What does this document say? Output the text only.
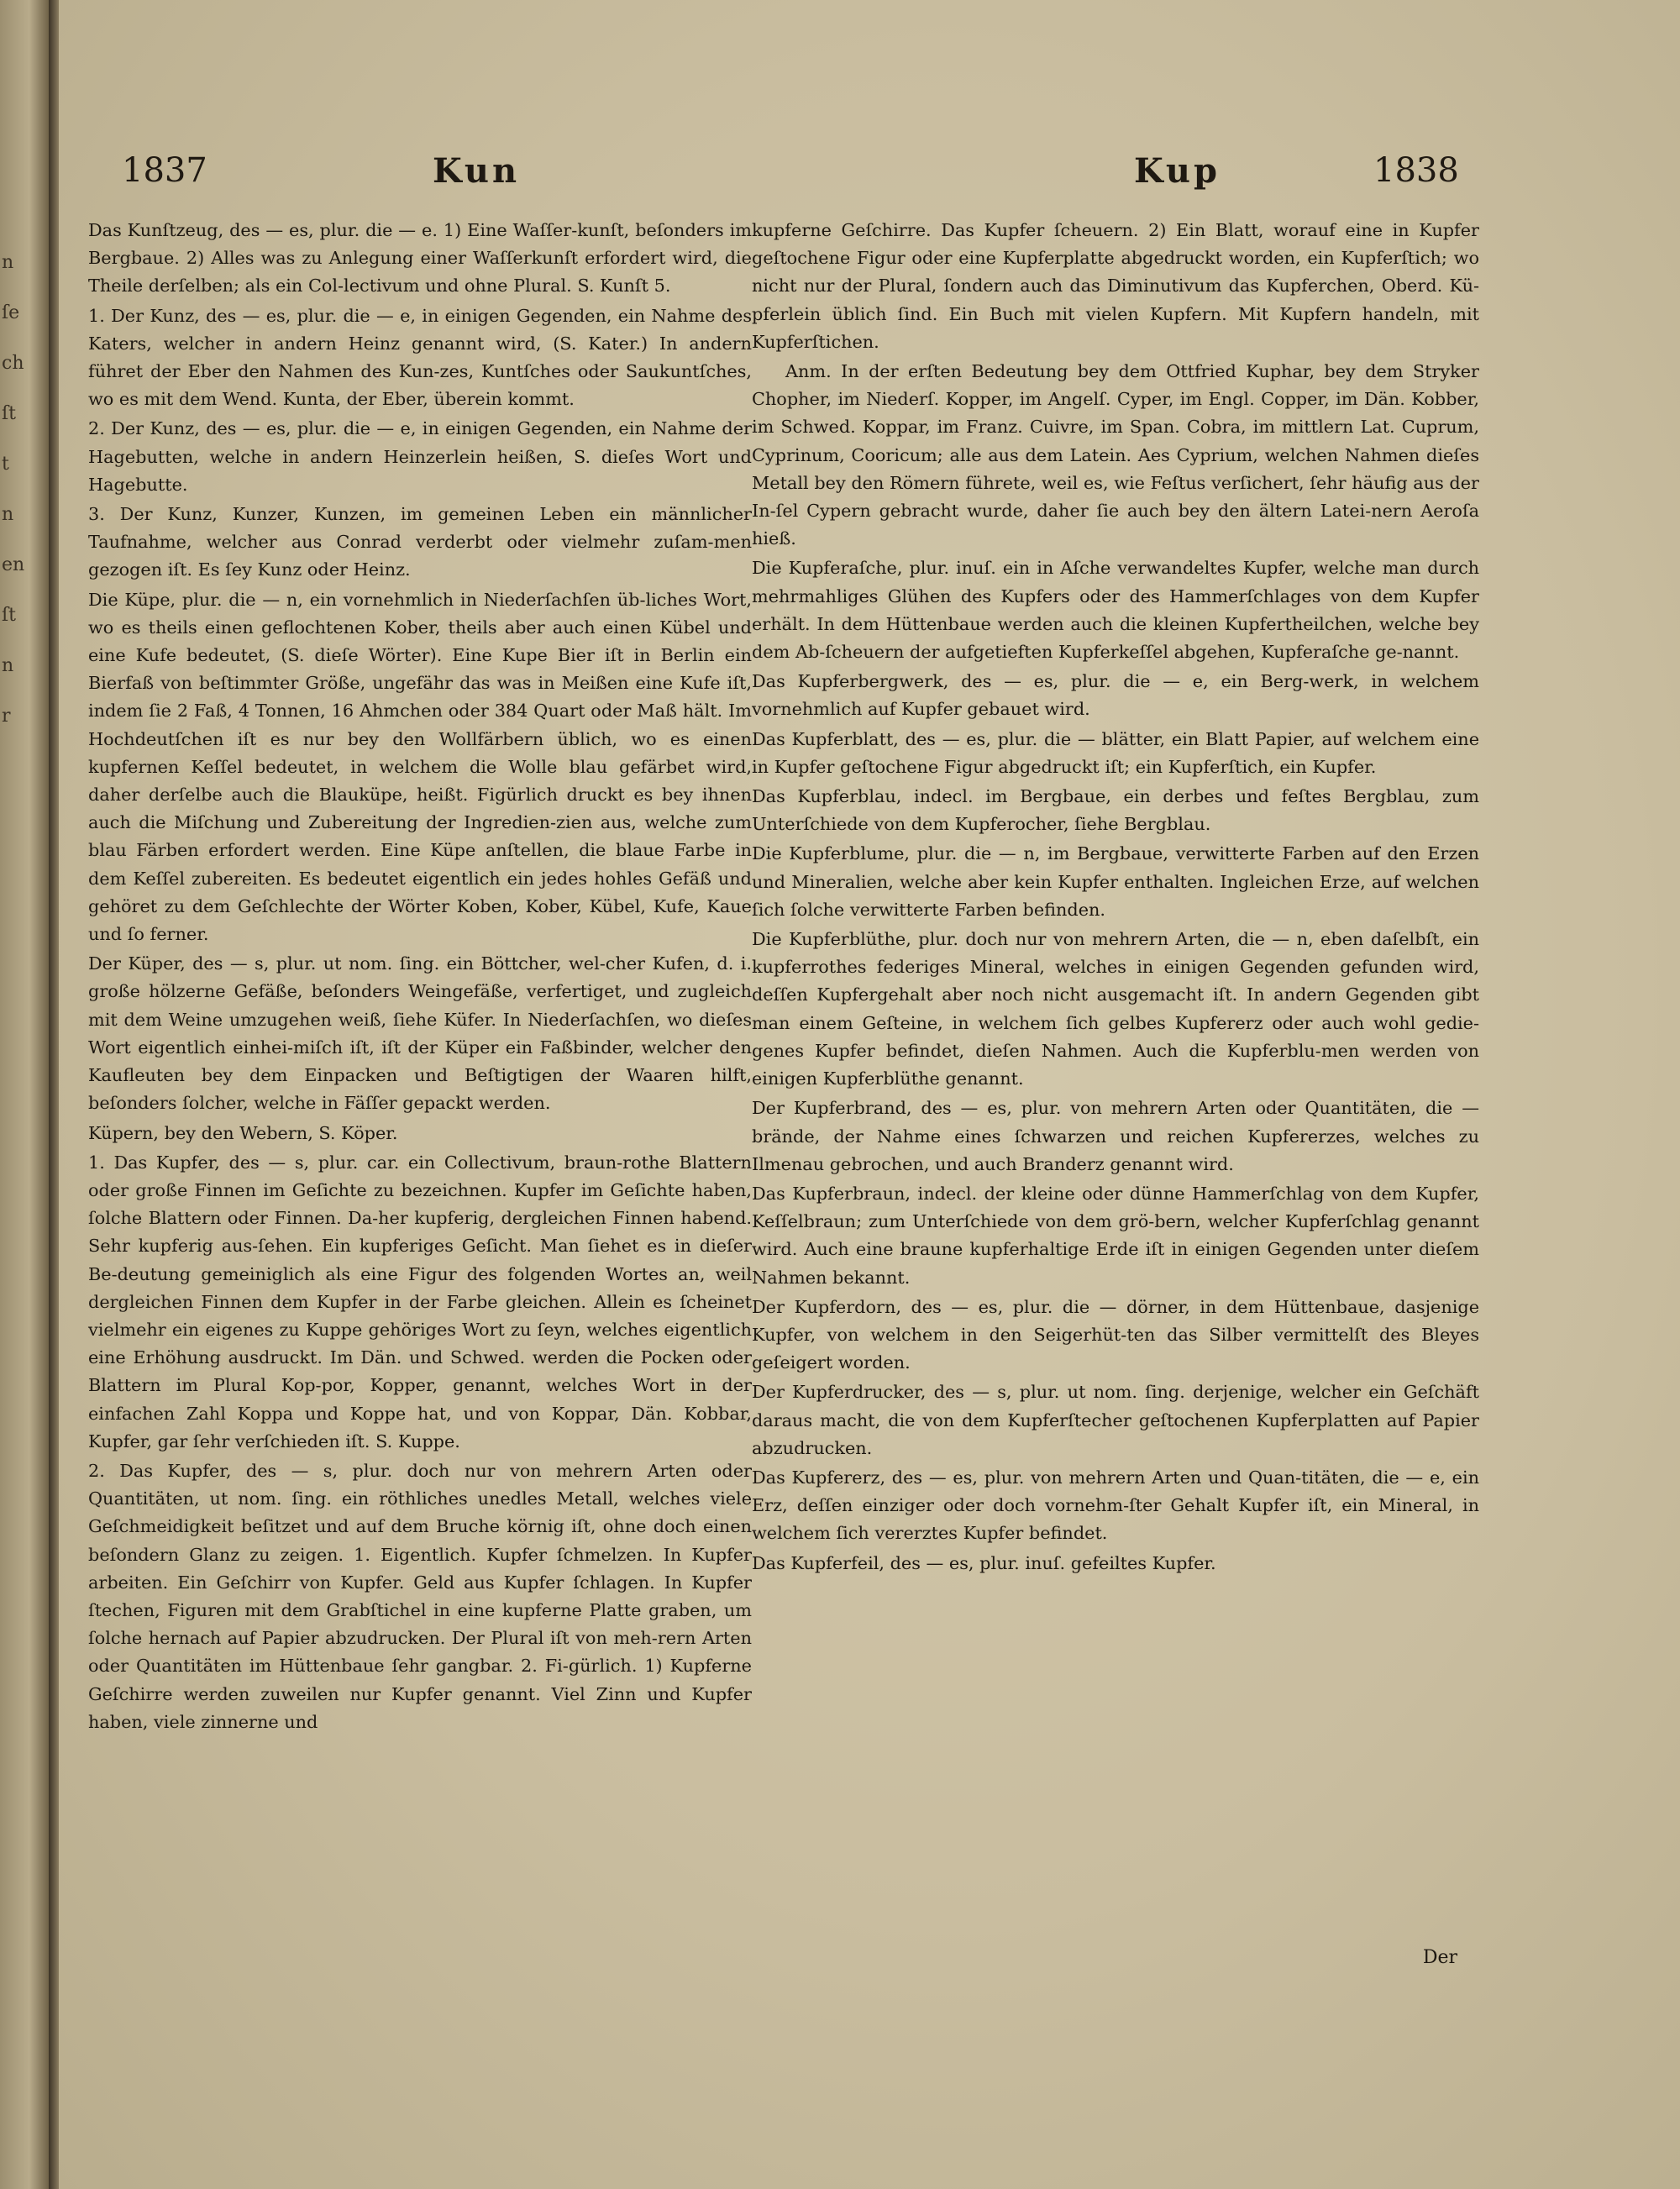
n
ſe
ch
ſt
t
n
en
ſt
n
r
1837	Kun	Kup	1838

Das Kunſtzeug, des — es, plur. die — e. 1) Eine Waſſer-kunſt, beſonders im Bergbaue. 2) Alles was zu Anlegung einer Waſſerkunſt erfordert wird, die Theile derſelben; als ein Col-lectivum und ohne Plural. S. Kunſt 5.

1. Der Kunz, des — es, plur. die — e, in einigen Gegenden, ein Nahme des Katers, welcher in andern Heinz genannt wird, (S. Kater.) In andern führet der Eber den Nahmen des Kun-zes, Kuntſches oder Saukuntſches, wo es mit dem Wend. Kunta, der Eber, überein kommt.

2. Der Kunz, des — es, plur. die — e, in einigen Gegenden, ein Nahme der Hagebutten, welche in andern Heinzerlein heißen, S. dieſes Wort und Hagebutte.

3. Der Kunz, Kunzer, Kunzen, im gemeinen Leben ein männlicher Taufnahme, welcher aus Conrad verderbt oder vielmehr zuſam-men gezogen iſt. Es ſey Kunz oder Heinz.

Die Küpe, plur. die — n, ein vornehmlich in Niederſachſen üb-liches Wort, wo es theils einen geflochtenen Kober, theils aber auch einen Kübel und eine Kufe bedeutet, (S. dieſe Wörter). Eine Kupe Bier iſt in Berlin ein Bierfaß von beſtimmter Größe, ungefähr das was in Meißen eine Kufe iſt, indem ſie 2 Faß, 4 Tonnen, 16 Ahmchen oder 384 Quart oder Maß hält. Im Hochdeutſchen iſt es nur bey den Wollfärbern üblich, wo es einen kupfernen Keſſel bedeutet, in welchem die Wolle blau gefärbet wird, daher derſelbe auch die Blauküpe, heißt. Figürlich druckt es bey ihnen auch die Miſchung und Zubereitung der Ingredien-zien aus, welche zum blau Färben erfordert werden. Eine Küpe anſtellen, die blaue Farbe in dem Keſſel zubereiten. Es bedeutet eigentlich ein jedes hohles Gefäß und gehöret zu dem Geſchlechte der Wörter Koben, Kober, Kübel, Kufe, Kaue und ſo ferner.

Der Küper, des — s, plur. ut nom. ſing. ein Böttcher, wel-cher Kufen, d. i. große hölzerne Gefäße, beſonders Weingefäße, verfertiget, und zugleich mit dem Weine umzugehen weiß, ſiehe Küfer. In Niederſachſen, wo dieſes Wort eigentlich einhei-miſch iſt, iſt der Küper ein Faßbinder, welcher den Kaufleuten bey dem Einpacken und Beſtigtigen der Waaren hilft, beſonders ſolcher, welche in Fäſſer gepackt werden.

Küpern, bey den Webern, S. Köper.

1. Das Kupfer, des — s, plur. car. ein Collectivum, braun-rothe Blattern oder große Finnen im Geſichte zu bezeichnen. Kupfer im Geſichte haben, ſolche Blattern oder Finnen. Da-her kupferig, dergleichen Finnen habend. Sehr kupferig aus-ſehen. Ein kupferiges Geſicht. Man ſiehet es in dieſer Be-deutung gemeiniglich als eine Figur des folgenden Wortes an, weil dergleichen Finnen dem Kupfer in der Farbe gleichen. Allein es ſcheinet vielmehr ein eigenes zu Kuppe gehöriges Wort zu ſeyn, welches eigentlich eine Erhöhung ausdruckt. Im Dän. und Schwed. werden die Pocken oder Blattern im Plural Kop-por, Kopper, genannt, welches Wort in der einfachen Zahl Koppa und Koppe hat, und von Koppar, Dän. Kobbar, Kupfer, gar ſehr verſchieden iſt. S. Kuppe.

2. Das Kupfer, des — s, plur. doch nur von mehrern Arten oder Quantitäten, ut nom. ſing. ein röthliches unedles Metall, welches viele Geſchmeidigkeit beſitzet und auf dem Bruche körnig iſt, ohne doch einen beſondern Glanz zu zeigen. 1. Eigentlich. Kupfer ſchmelzen. In Kupfer arbeiten. Ein Geſchirr von Kupfer. Geld aus Kupfer ſchlagen. In Kupfer ſtechen, Figuren mit dem Grabſtichel in eine kupferne Platte graben, um ſolche hernach auf Papier abzudrucken. Der Plural iſt von meh-rern Arten oder Quantitäten im Hüttenbaue ſehr gangbar. 2. Fi-gürlich. 1) Kupferne Geſchirre werden zuweilen nur Kupfer genannt. Viel Zinn und Kupfer haben, viele zinnerne und

kupferne Geſchirre. Das Kupfer ſcheuern. 2) Ein Blatt, worauf eine in Kupfer geſtochene Figur oder eine Kupferplatte abgedruckt worden, ein Kupferſtich; wo nicht nur der Plural, ſondern auch das Diminutivum das Kupferchen, Oberd. Kü-pferlein üblich ſind. Ein Buch mit vielen Kupfern. Mit Kupfern handeln, mit Kupferſtichen.

Anm. In der erſten Bedeutung bey dem Ottfried Kuphar, bey dem Stryker Chopher, im Niederſ. Kopper, im Angelſ. Cyper, im Engl. Copper, im Dän. Kobber, im Schwed. Koppar, im Franz. Cuivre, im Span. Cobra, im mittlern Lat. Cuprum, Cyprinum, Cooricum; alle aus dem Latein. Aes Cyprium, welchen Nahmen dieſes Metall bey den Römern führete, weil es, wie Feſtus verſichert, ſehr häufig aus der In-ſel Cypern gebracht wurde, daher ſie auch bey den ältern Latei-nern Aeroſa hieß.

Die Kupferaſche, plur. inuſ. ein in Aſche verwandeltes Kupfer, welche man durch mehrmahliges Glühen des Kupfers oder des Hammerſchlages von dem Kupfer erhält. In dem Hüttenbaue werden auch die kleinen Kupfertheilchen, welche bey dem Ab-ſcheuern der aufgetieften Kupferkeſſel abgehen, Kupferaſche ge-nannt.

Das Kupferbergwerk, des — es, plur. die — e, ein Berg-werk, in welchem vornehmlich auf Kupfer gebauet wird.

Das Kupferblatt, des — es, plur. die — blätter, ein Blatt Papier, auf welchem eine in Kupfer geſtochene Figur abgedruckt iſt; ein Kupferſtich, ein Kupfer.

Das Kupferblau, indecl. im Bergbaue, ein derbes und feſtes Bergblau, zum Unterſchiede von dem Kupferocher, ſiehe Bergblau.

Die Kupferblume, plur. die — n, im Bergbaue, verwitterte Farben auf den Erzen und Mineralien, welche aber kein Kupfer enthalten. Ingleichen Erze, auf welchen ſich ſolche verwitterte Farben befinden.

Die Kupferblüthe, plur. doch nur von mehrern Arten, die — n, eben daſelbſt, ein kupferrothes federiges Mineral, welches in einigen Gegenden gefunden wird, deſſen Kupfergehalt aber noch nicht ausgemacht iſt. In andern Gegenden gibt man einem Geſteine, in welchem ſich gelbes Kupfererz oder auch wohl gedie-genes Kupfer befindet, dieſen Nahmen. Auch die Kupferblu-men werden von einigen Kupferblüthe genannt.

Der Kupferbrand, des — es, plur. von mehrern Arten oder Quantitäten, die — brände, der Nahme eines ſchwarzen und reichen Kupfererzes, welches zu Ilmenau gebrochen, und auch Branderz genannt wird.

Das Kupferbraun, indecl. der kleine oder dünne Hammerſchlag von dem Kupfer, Keſſelbraun; zum Unterſchiede von dem grö-bern, welcher Kupferſchlag genannt wird. Auch eine braune kupferhaltige Erde iſt in einigen Gegenden unter dieſem Nahmen bekannt.

Der Kupferdorn, des — es, plur. die — dörner, in dem Hüttenbaue, dasjenige Kupfer, von welchem in den Seigerhüt-ten das Silber vermittelſt des Bleyes geſeigert worden.

Der Kupferdrucker, des — s, plur. ut nom. ſing. derjenige, welcher ein Geſchäft daraus macht, die von dem Kupferſtecher geſtochenen Kupferplatten auf Papier abzudrucken.

Das Kupfererz, des — es, plur. von mehrern Arten und Quan-titäten, die — e, ein Erz, deſſen einziger oder doch vornehm-ſter Gehalt Kupfer iſt, ein Mineral, in welchem ſich vererztes Kupfer befindet.

Das Kupferfeil, des — es, plur. inuſ. gefeiltes Kupfer.

Der
